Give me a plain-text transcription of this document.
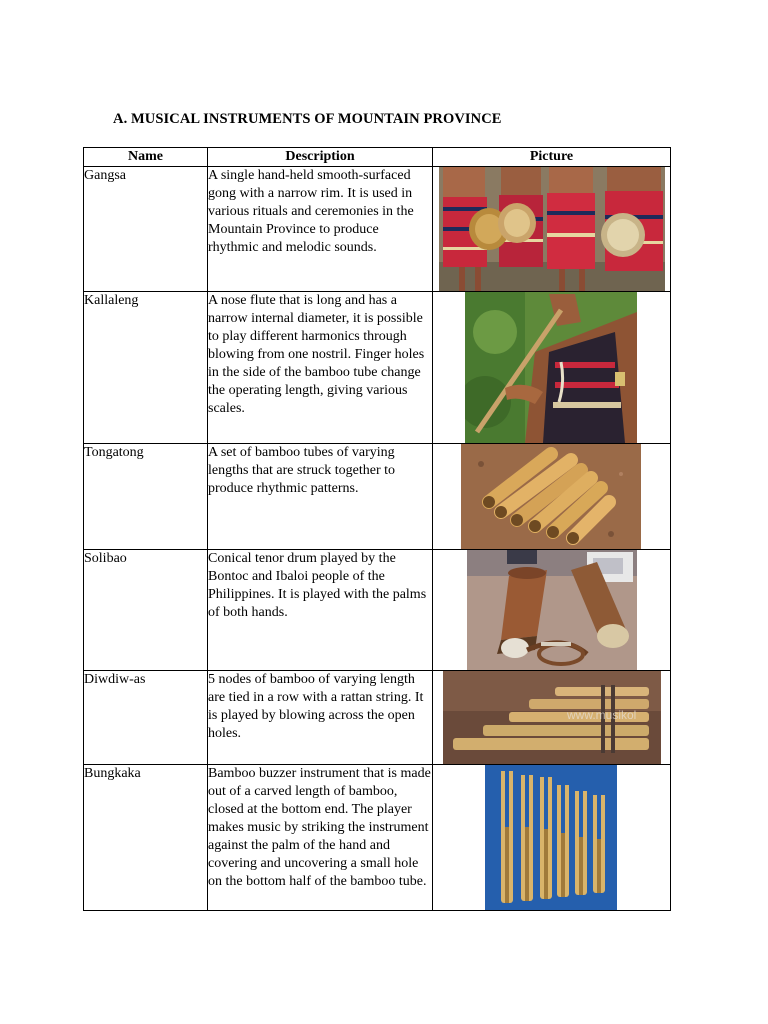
A. MUSICAL INSTRUMENTS OF MOUNTAIN PROVINCE
Name	Description	Picture
Gangsa	A single hand-held smooth-surfaced gong with a narrow rim. It is used in various rituals and ceremonies in the Mountain Province to produce rhythmic and melodic sounds.	

Kallaleng	A nose flute that is long and has a narrow internal diameter, it is possible to play different harmonics through blowing from one nostril. Finger holes in the side of the bamboo tube change the operating length, giving various scales.	

Tongatong	A set of bamboo tubes of varying lengths that are struck together to produce rhythmic patterns.	

Solibao	Conical tenor drum played by the Bontoc and Ibaloi people of the Philippines. It is played with the palms of both hands.	

Diwdiw-as	5 nodes of bamboo of varying length are tied in a row with a rattan string. It is played by blowing across the open holes.	www.musikol

Bungkaka	Bamboo buzzer instrument that is made out of a carved length of bamboo, closed at the bottom end. The player makes music by striking the instrument against the palm of the hand and covering and uncovering a small hole on the bottom half of the bamboo tube.	
